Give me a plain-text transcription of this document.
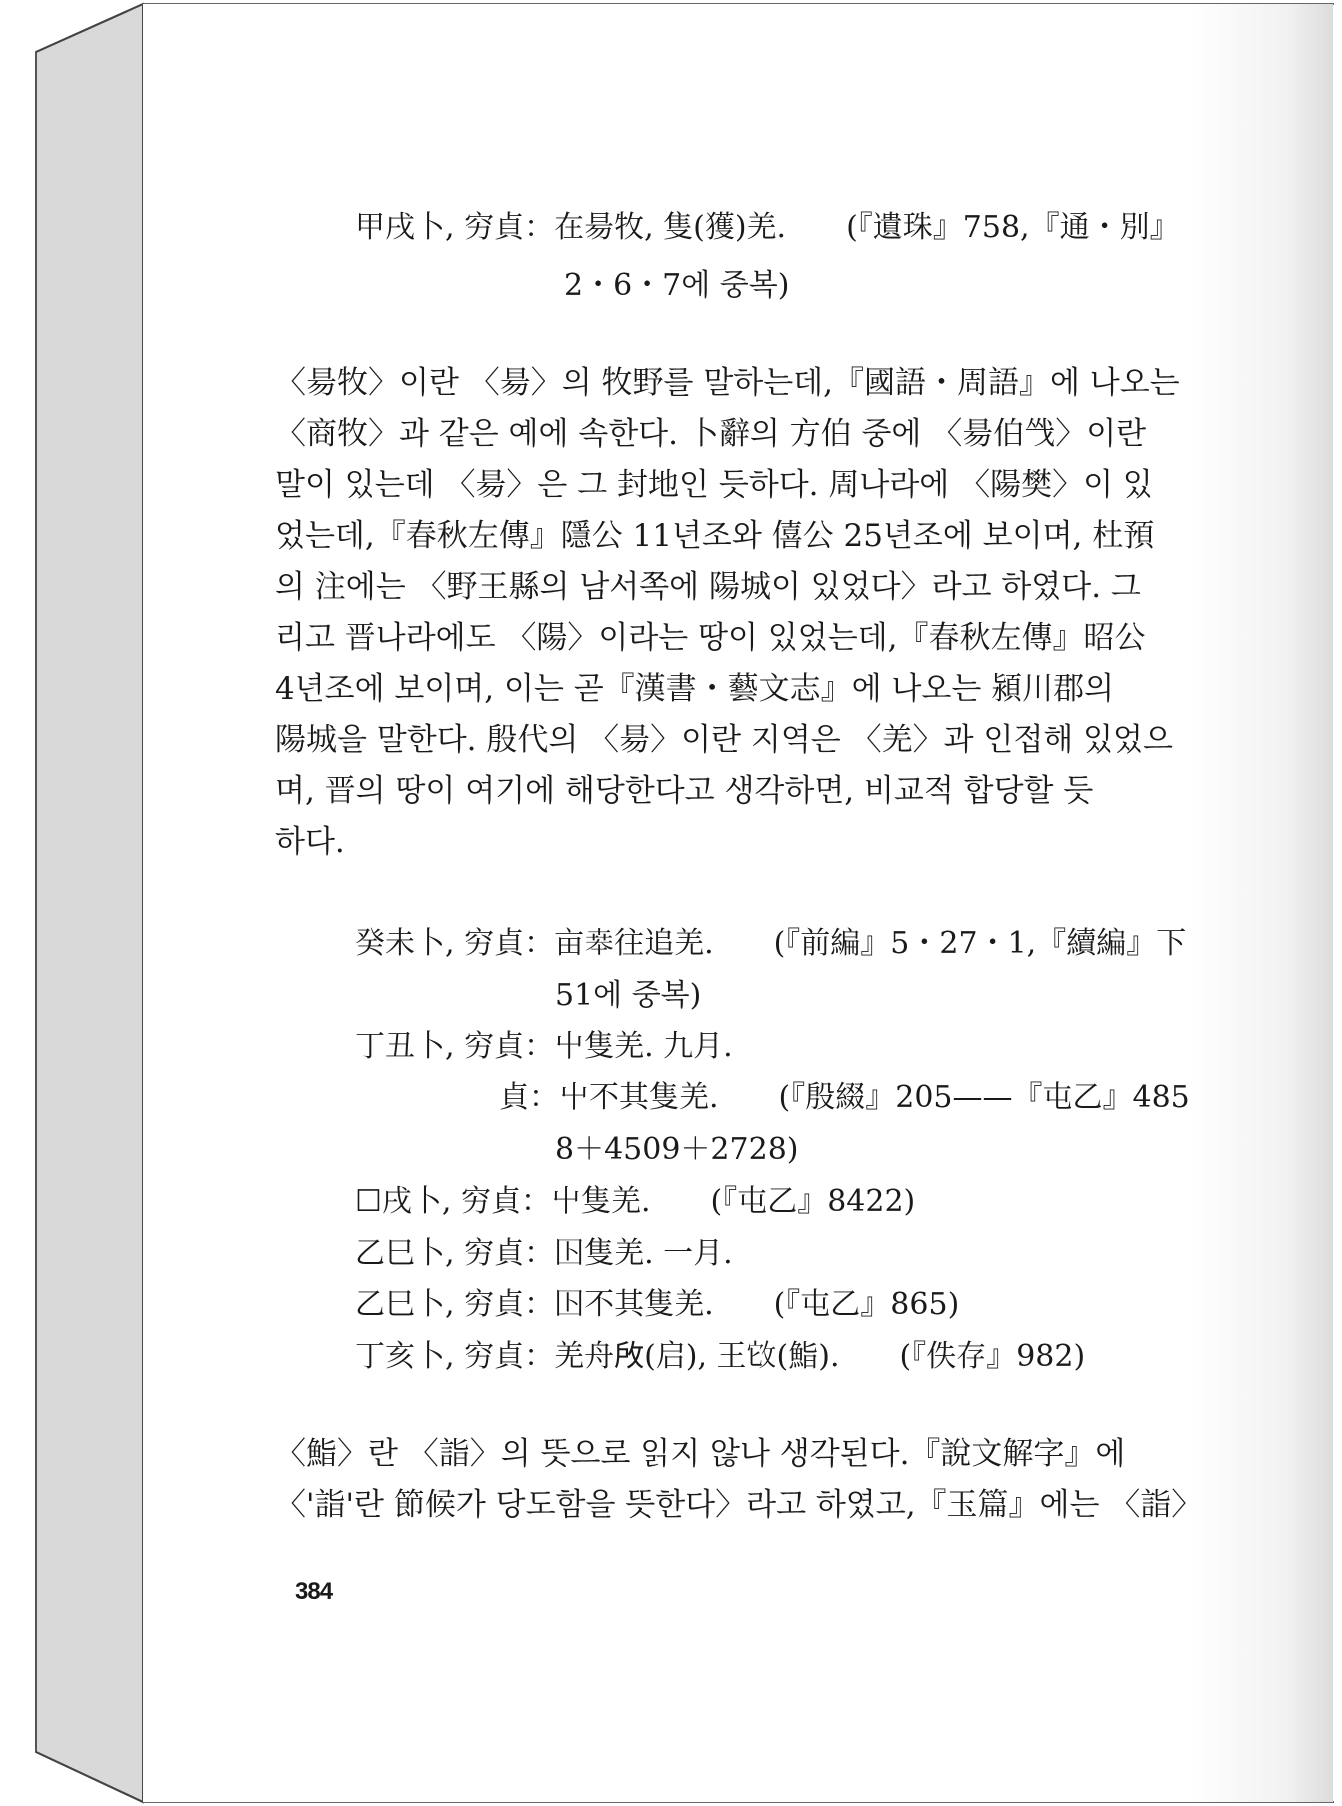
甲戌卜, 穷貞：在昜牧, 隻(獲)羌.　　(『遺珠』758,『通・別』
2・6・7에 중복)
〈昜牧〉이란 〈昜〉의 牧野를 말하는데,『國語・周語』에 나오는
〈商牧〉과 같은 예에 속한다. 卜辭의 方伯 중에 〈昜伯㦰〉이란
말이 있는데 〈昜〉은 그 封地인 듯하다. 周나라에 〈陽樊〉이 있
었는데,『春秋左傳』隱公 11년조와 僖公 25년조에 보이며, 杜預
의 注에는 〈野王縣의 남서쪽에 陽城이 있었다〉라고 하였다. 그
리고 晋나라에도 〈陽〉이라는 땅이 있었는데,『春秋左傳』昭公
4년조에 보이며, 이는 곧『漢書・藝文志』에 나오는 潁川郡의
陽城을 말한다. 殷代의 〈昜〉이란 지역은 〈羌〉과 인접해 있었으
며, 晋의 땅이 여기에 해당한다고 생각하면, 비교적 합당할 듯
하다.
癸未卜, 穷貞：亩𠦪往追羌.　　(『前編』5・27・1,『續編』下
51에 중복)
丁丑卜, 穷貞：屮隻羌. 九月.
貞：屮不其隻羌.　　(『殷綴』205——『屯乙』485
8＋4509＋2728)
☐戌卜, 穷貞：屮隻羌.　　(『屯乙』8422)
乙巳卜, 穷貞：𡆥隻羌. 一月.
乙巳卜, 穷貞：𡆥不其隻羌.　　(『屯乙』865)
丁亥卜, 穷貞：羌舟𢼄(启), 王𢼊(鮨).　　(『佚存』982)
〈鮨〉란 〈詣〉의 뜻으로 읽지 않나 생각된다.『說文解字』에
〈'詣'란 節候가 당도함을 뜻한다〉라고 하였고,『玉篇』에는 〈詣〉
384
